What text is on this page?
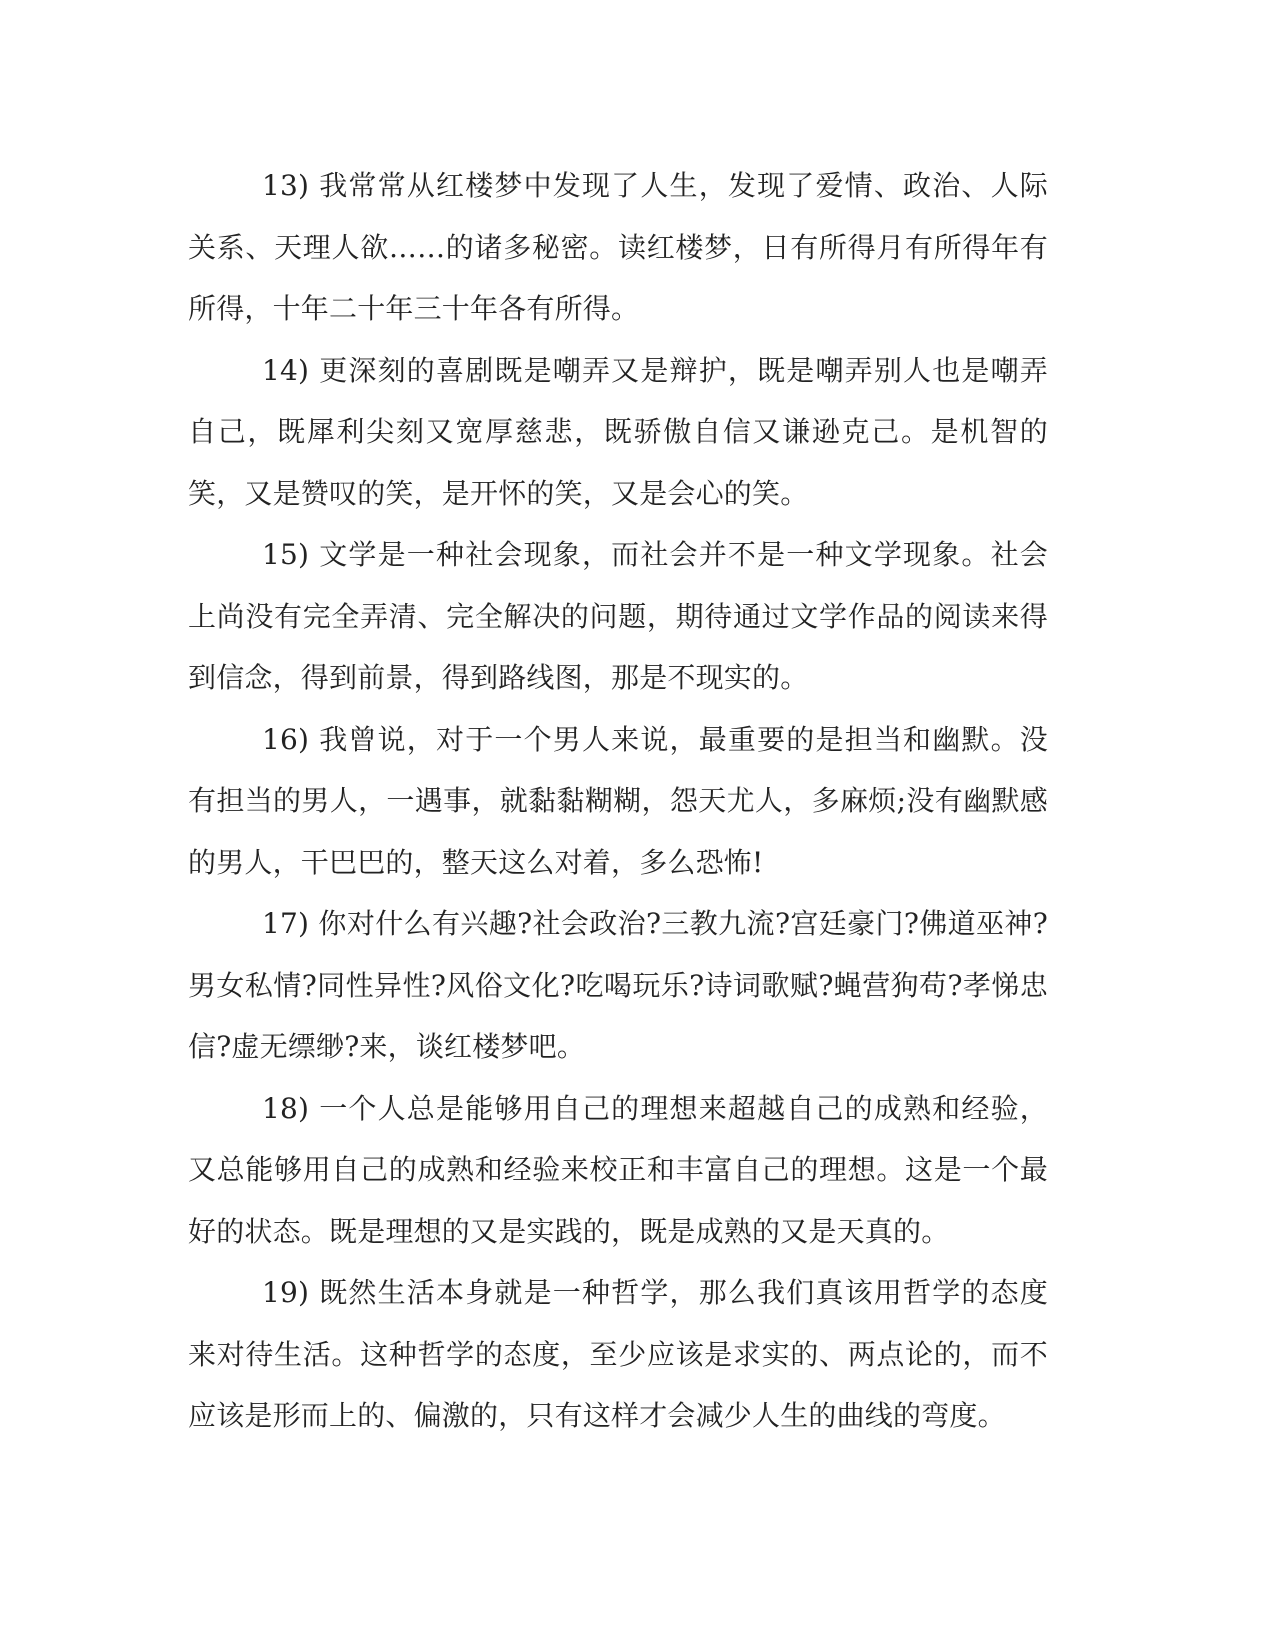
13) 我常常从红楼梦中发现了人生，发现了爱情、政治、人际关系、天理人欲……的诸多秘密。读红楼梦，日有所得月有所得年有所得，十年二十年三十年各有所得。

14) 更深刻的喜剧既是嘲弄又是辩护，既是嘲弄别人也是嘲弄自己，既犀利尖刻又宽厚慈悲，既骄傲自信又谦逊克己。是机智的笑，又是赞叹的笑，是开怀的笑，又是会心的笑。

15) 文学是一种社会现象，而社会并不是一种文学现象。社会上尚没有完全弄清、完全解决的问题，期待通过文学作品的阅读来得到信念，得到前景，得到路线图，那是不现实的。

16) 我曾说，对于一个男人来说，最重要的是担当和幽默。没有担当的男人，一遇事，就黏黏糊糊，怨天尤人，多麻烦;没有幽默感的男人，干巴巴的，整天这么对着，多么恐怖!

17) 你对什么有兴趣?社会政治?三教九流?宫廷豪门?佛道巫神?男女私情?同性异性?风俗文化?吃喝玩乐?诗词歌赋?蝇营狗苟?孝悌忠信?虚无缥缈?来，谈红楼梦吧。

18) 一个人总是能够用自己的理想来超越自己的成熟和经验，又总能够用自己的成熟和经验来校正和丰富自己的理想。这是一个最好的状态。既是理想的又是实践的，既是成熟的又是天真的。

19) 既然生活本身就是一种哲学，那么我们真该用哲学的态度来对待生活。这种哲学的态度，至少应该是求实的、两点论的，而不应该是形而上的、偏激的，只有这样才会减少人生的曲线的弯度。
